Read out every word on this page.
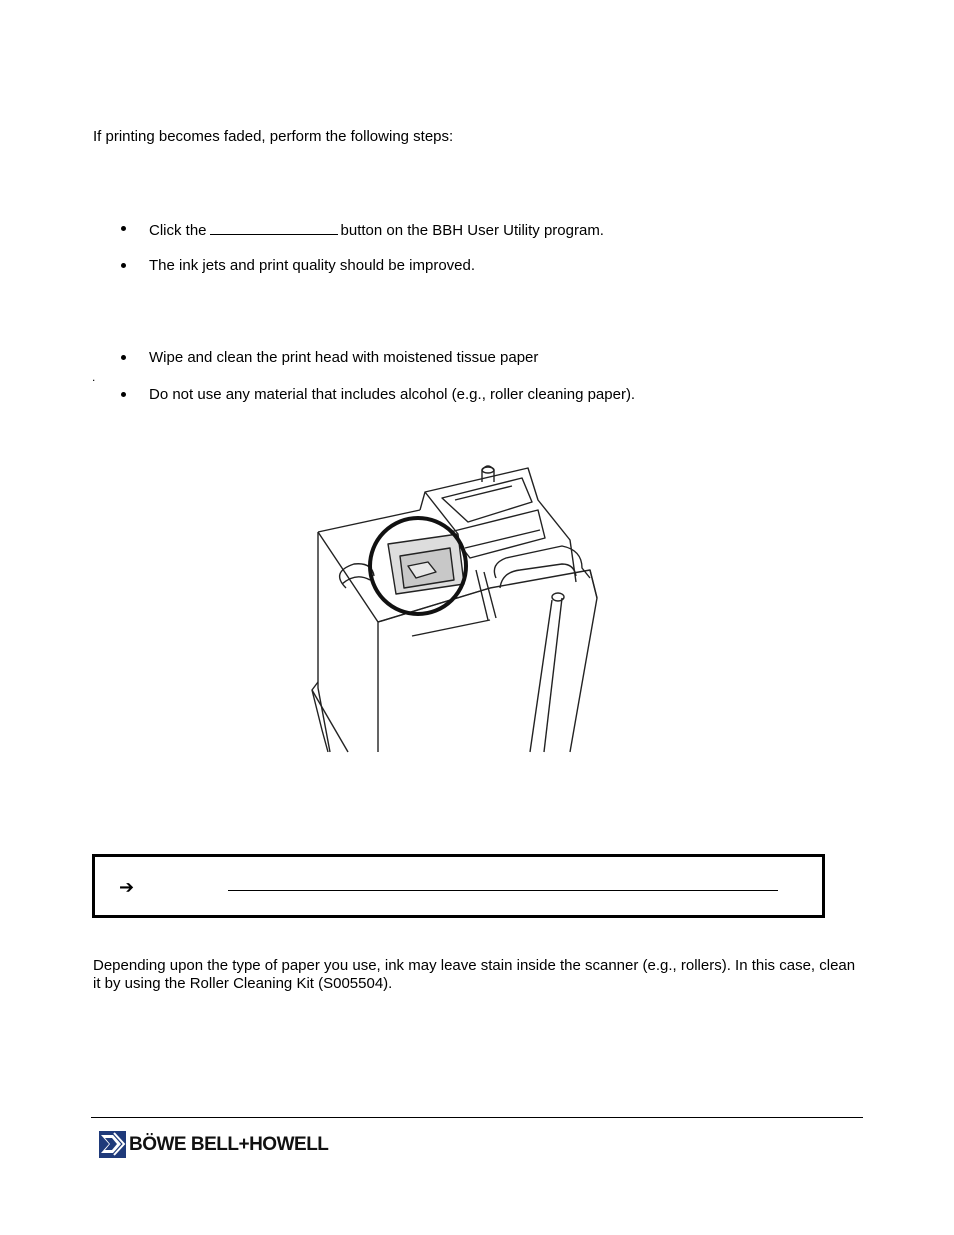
If printing becomes faded, perform the following steps:
Click the	button on the BBH User Utility program.
The ink jets and print quality should be improved.
Wipe and clean the print head with moistened tissue paper
.
Do not use any material that includes alcohol (e.g., roller cleaning paper).
➔
Depending upon the type of paper you use, ink may leave stain inside the scanner (e.g., rollers). In this case, clean it by using the Roller Cleaning Kit (S005504).
BÖWE BELL+HOWELL
